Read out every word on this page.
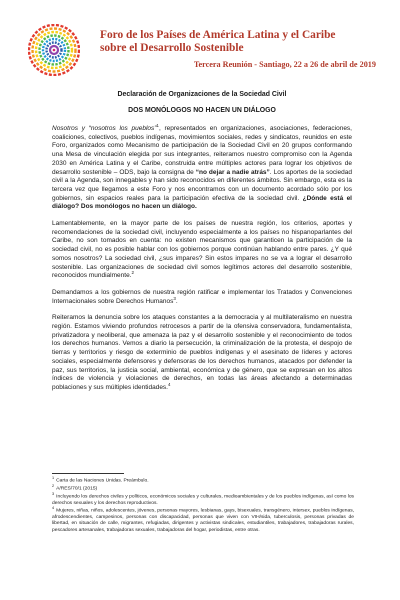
Foro de los Países de América Latina y el Caribe
sobre el Desarrollo Sostenible

Tercera Reunión - Santiago, 22 a 26 de abril de 2019

Declaración de Organizaciones de la Sociedad Civil

DOS MONÓLOGOS NO HACEN UN DIÁLOGO

Nosotros y “nosotros los pueblos”$^1$, representados en organizaciones, asociaciones, federaciones, coaliciones, colectivos, pueblos indígenas, movimientos sociales, redes y sindicatos, reunidos en este Foro, organizados como Mecanismo de participación de la Sociedad Civil en 20 grupos conformando una Mesa de vinculación elegida por sus integrantes, reiteramos nuestro compromiso con la Agenda 2030 en América Latina y el Caribe, construida entre múltiples actores para lograr los objetivos de desarrollo sostenible – ODS, bajo la consigna de “no dejar a nadie atrás”. Los aportes de la sociedad civil a la Agenda, son innegables y han sido reconocidos en diferentes ámbitos. Sin embargo, esta es la tercera vez que llegamos a este Foro y nos encontramos con un documento acordado sólo por los gobiernos, sin espacios reales para la participación efectiva de la sociedad civil. ¿Dónde está el diálogo? Dos monólogos no hacen un diálogo.

Lamentablemente, en la mayor parte de los países de nuestra región, los criterios, aportes y recomendaciones de la sociedad civil, incluyendo especialmente a los países no hispanoparlantes del Caribe, no son tomados en cuenta: no existen mecanismos que garanticen la participación de la sociedad civil, no es posible hablar con los gobiernos porque continúan hablando entre pares. ¿Y qué somos nosotros? La sociedad civil, ¿sus impares? Sin estos impares no se va a lograr el desarrollo sostenible. Las organizaciones de sociedad civil somos legítimos actores del desarrollo sostenible, reconocidos mundialmente.$^2$

Demandamos a los gobiernos de nuestra región ratificar e implementar los Tratados y Convenciones Internacionales sobre Derechos Humanos$^3$.

Reiteramos la denuncia sobre los ataques constantes a la democracia y al multilateralismo en nuestra región. Estamos viviendo profundos retrocesos a partir de la ofensiva conservadora, fundamentalista, privatizadora y neoliberal, que amenaza la paz y el desarrollo sostenible y el reconocimiento de todos los derechos humanos. Vemos a diario la persecución, la criminalización de la protesta, el despojo de tierras y territorios y riesgo de exterminio de pueblos indígenas y el asesinato de líderes y actores sociales, especialmente defensores y defensoras de los derechos humanos, atacados por defender la paz, sus territorios, la justicia social, ambiental, económica y de género, que se expresan en los altos índices de violencia y violaciones de derechos, en todas las áreas afectando a determinadas poblaciones y sus múltiples identidades.$^4$

$^1$Carta de las Naciones Unidas. Preámbulo.

$^2$A/RES/70/1 (2015)

$^3$Incluyendo los derechos civiles y políticos, económicos sociales y culturales, medioambientales y de los pueblos indígenas, así como los derechos sexuales y los derechos reproductivos.

$^4$Mujeres, niñas, niños, adolescentes, jóvenes, personas mayores, lesbianas, gays, bisexuales, transgénero, intersex, pueblos indígenas, afrodescendientes, campesinos, personas con discapacidad, personas que viven con VIH/sida, tuberculosis, personas privadas de libertad, en situación de calle, migrantes, refugiadas, dirigentes y activistas sindicales, estudiantiles, trabajadores, trabajadoras rurales, pescadores artesanales, trabajadoras sexuales, trabajadoras del hogar, periodistas, entre otras.
